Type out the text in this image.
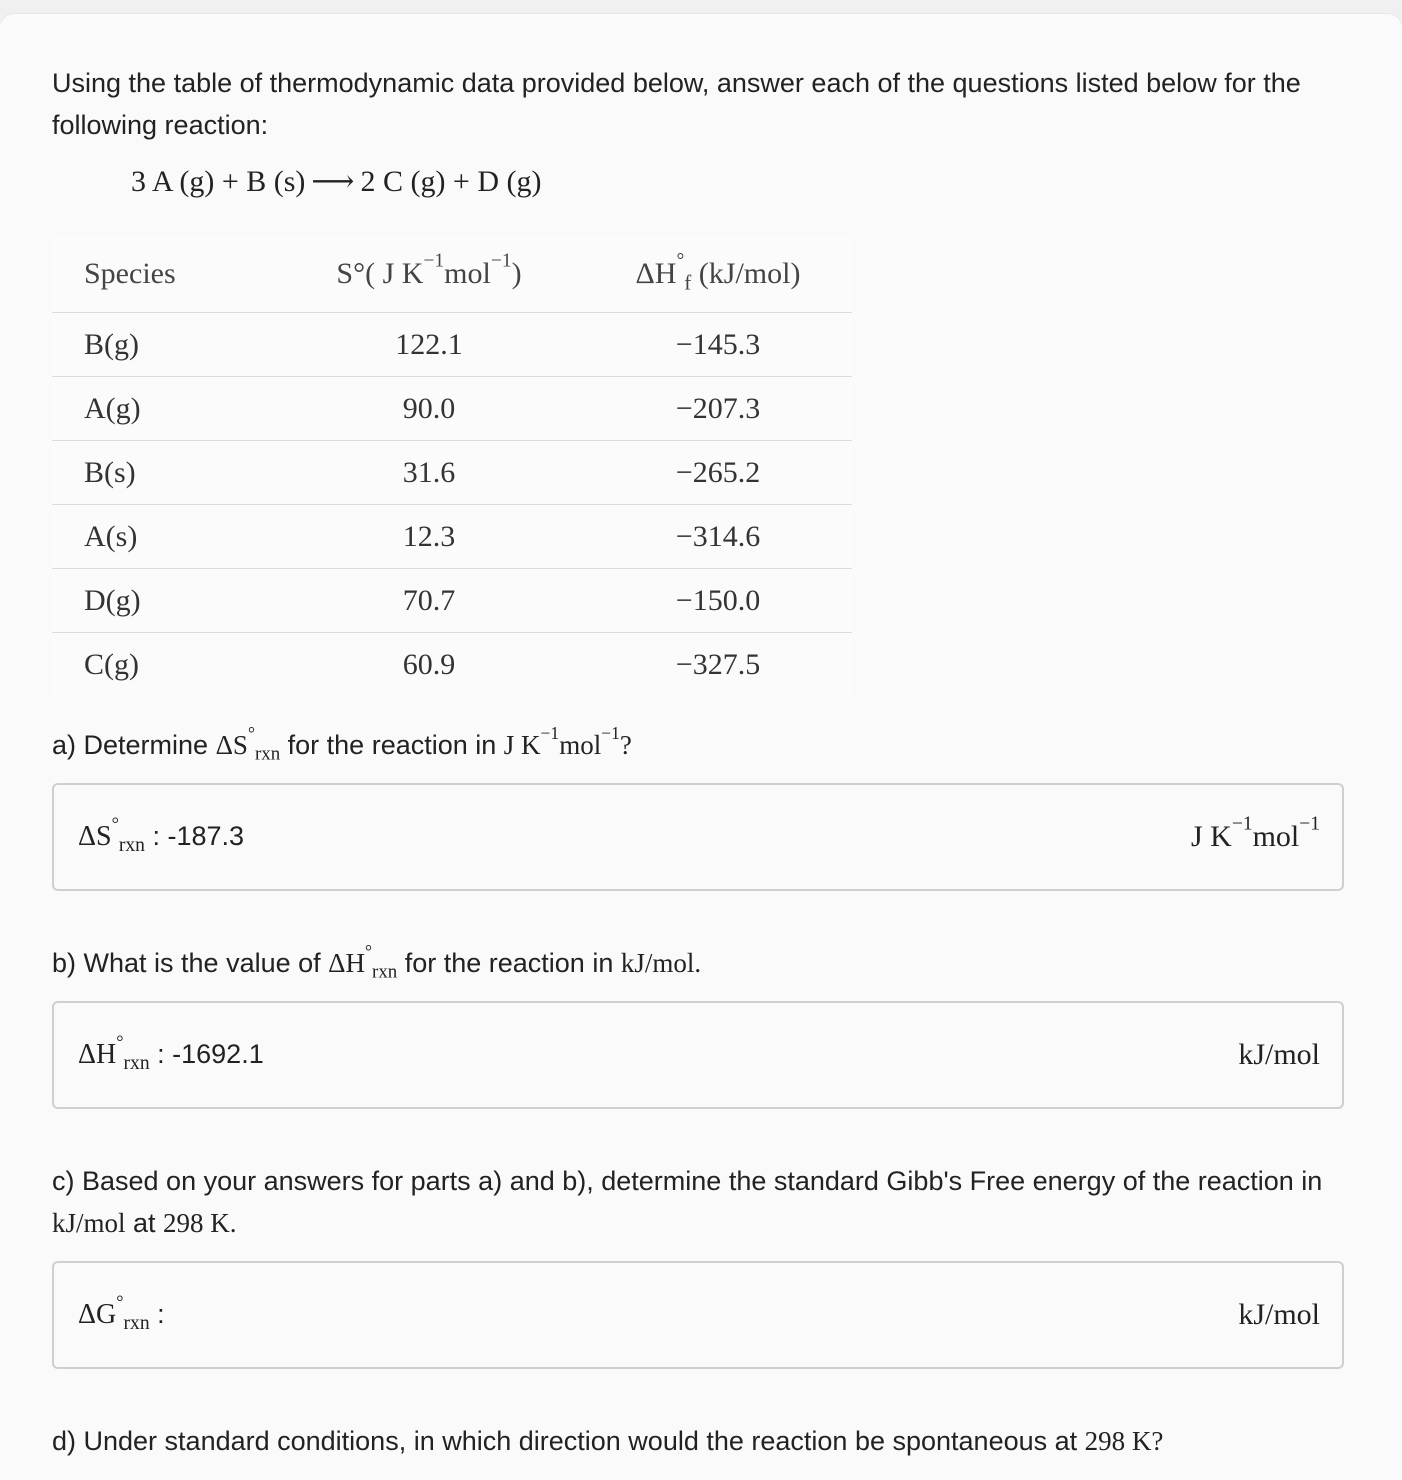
Using the table of thermodynamic data provided below, answer each of the questions listed below for the following reaction:
3 A (g) + B (s) ⟶ 2 C (g) + D (g)
Species	S°( J $K^{-1}mol^{-1}$)	$\Delta H^\circ_f$ (kJ/mol)
B(g)	122.1	−145.3
A(g)	90.0	−207.3
B(s)	31.6	−265.2
A(s)	12.3	−314.6
D(g)	70.7	−150.0
C(g)	60.9	−327.5
a) Determine $\Delta S^\circ_{rxn}$ for the reaction in J $K^{-1}mol^{-1}$?
$\Delta S^\circ_{rxn}$ : -187.3	J $K^{-1}mol^{-1}$
b) What is the value of $\Delta H^\circ_{rxn}$ for the reaction in kJ/mol.
$\Delta H^\circ_{rxn}$ : -1692.1	kJ/mol
c) Based on your answers for parts a) and b), determine the standard Gibb's Free energy of the reaction in kJ/mol at 298 K.
$\Delta G^\circ_{rxn}$ :	kJ/mol
d) Under standard conditions, in which direction would the reaction be spontaneous at 298 K?
